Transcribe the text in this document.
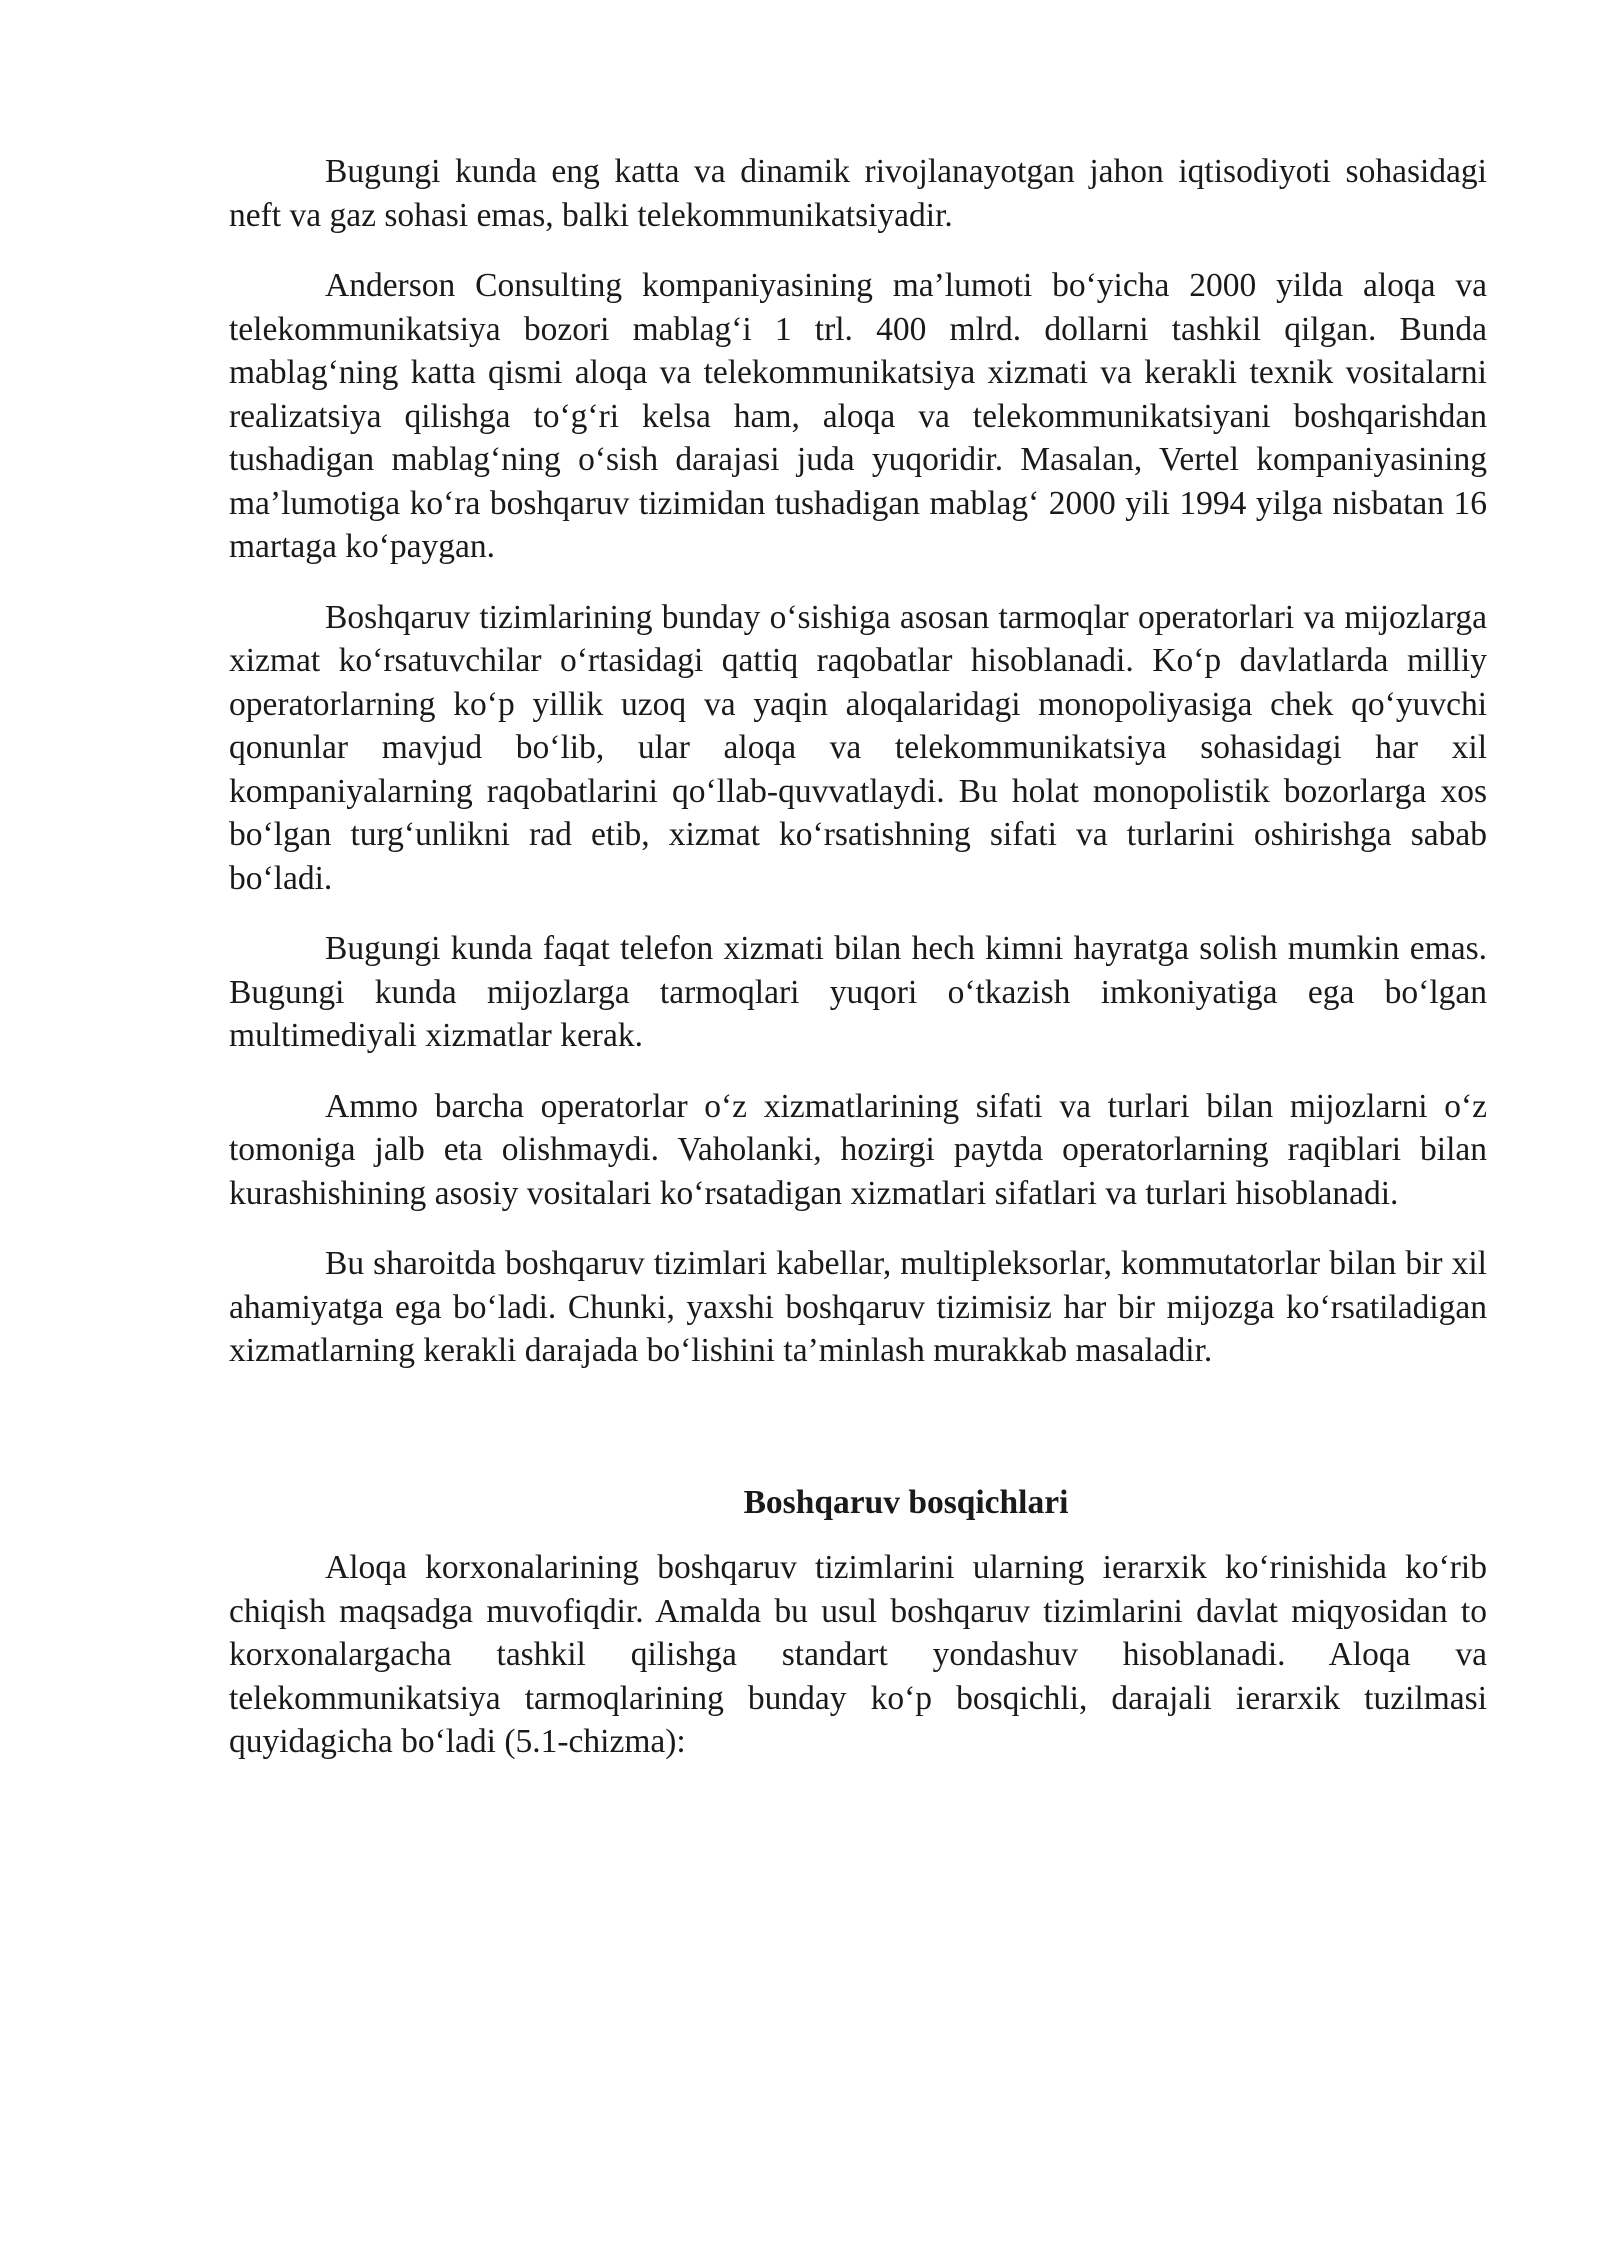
Bugungi kunda eng katta va dinamik rivojlanayotgan jahon iqtisodiyoti sohasidagi neft va gaz sohasi emas, balki telekommunikatsiyadir.

Anderson Consulting kompaniyasining ma’lumoti bo‘yicha 2000 yilda aloqa va telekommunikatsiya bozori mablag‘i 1 trl. 400 mlrd. dollarni tashkil qilgan. Bunda mablag‘ning katta qismi aloqa va telekommunikatsiya xizmati va kerakli texnik vositalarni realizatsiya qilishga to‘g‘ri kelsa ham, aloqa va telekommunikatsiyani boshqarishdan tushadigan mablag‘ning o‘sish darajasi juda yuqoridir. Masalan, Vertel kompaniyasining ma’lumotiga ko‘ra boshqaruv tizimidan tushadigan mablag‘ 2000 yili 1994 yilga nisbatan 16 martaga ko‘paygan.

Boshqaruv tizimlarining bunday o‘sishiga asosan tarmoqlar operatorlari va mijozlarga xizmat ko‘rsatuvchilar o‘rtasidagi qattiq raqobatlar hisoblanadi. Ko‘p davlatlarda milliy operatorlarning ko‘p yillik uzoq va yaqin aloqalaridagi monopoliyasiga chek qo‘yuvchi qonunlar mavjud bo‘lib, ular aloqa va telekommunikatsiya sohasidagi har xil kompaniyalarning raqobatlarini qo‘llab-quvvatlaydi. Bu holat monopolistik bozorlarga xos bo‘lgan turg‘unlikni rad etib, xizmat ko‘rsatishning sifati va turlarini oshirishga sabab bo‘ladi.

Bugungi kunda faqat telefon xizmati bilan hech kimni hayratga solish mumkin emas. Bugungi kunda mijozlarga tarmoqlari yuqori o‘tkazish imkoniyatiga ega bo‘lgan multimediyali xizmatlar kerak.

Ammo barcha operatorlar o‘z xizmatlarining sifati va turlari bilan mijozlarni o‘z tomoniga jalb eta olishmaydi. Vaholanki, hozirgi paytda operatorlarning raqiblari bilan kurashishining asosiy vositalari ko‘rsatadigan xizmatlari sifatlari va turlari hisoblanadi.

Bu sharoitda boshqaruv tizimlari kabellar, multipleksorlar, kommutatorlar bilan bir xil ahamiyatga ega bo‘ladi. Chunki, yaxshi boshqaruv tizimisiz har bir mijozga ko‘rsatiladigan xizmatlarning kerakli darajada bo‘lishini ta’minlash murakkab masaladir.

Boshqaruv bosqichlari

Aloqa korxonalarining boshqaruv tizimlarini ularning ierarxik ko‘rinishida ko‘rib chiqish maqsadga muvofiqdir. Amalda bu usul boshqaruv tizimlarini davlat miqyosidan to korxonalargacha tashkil qilishga standart yondashuv hisoblanadi. Aloqa va telekommunikatsiya tarmoqlarining bunday ko‘p bosqichli, darajali ierarxik tuzilmasi quyidagicha bo‘ladi (5.1-chizma):
